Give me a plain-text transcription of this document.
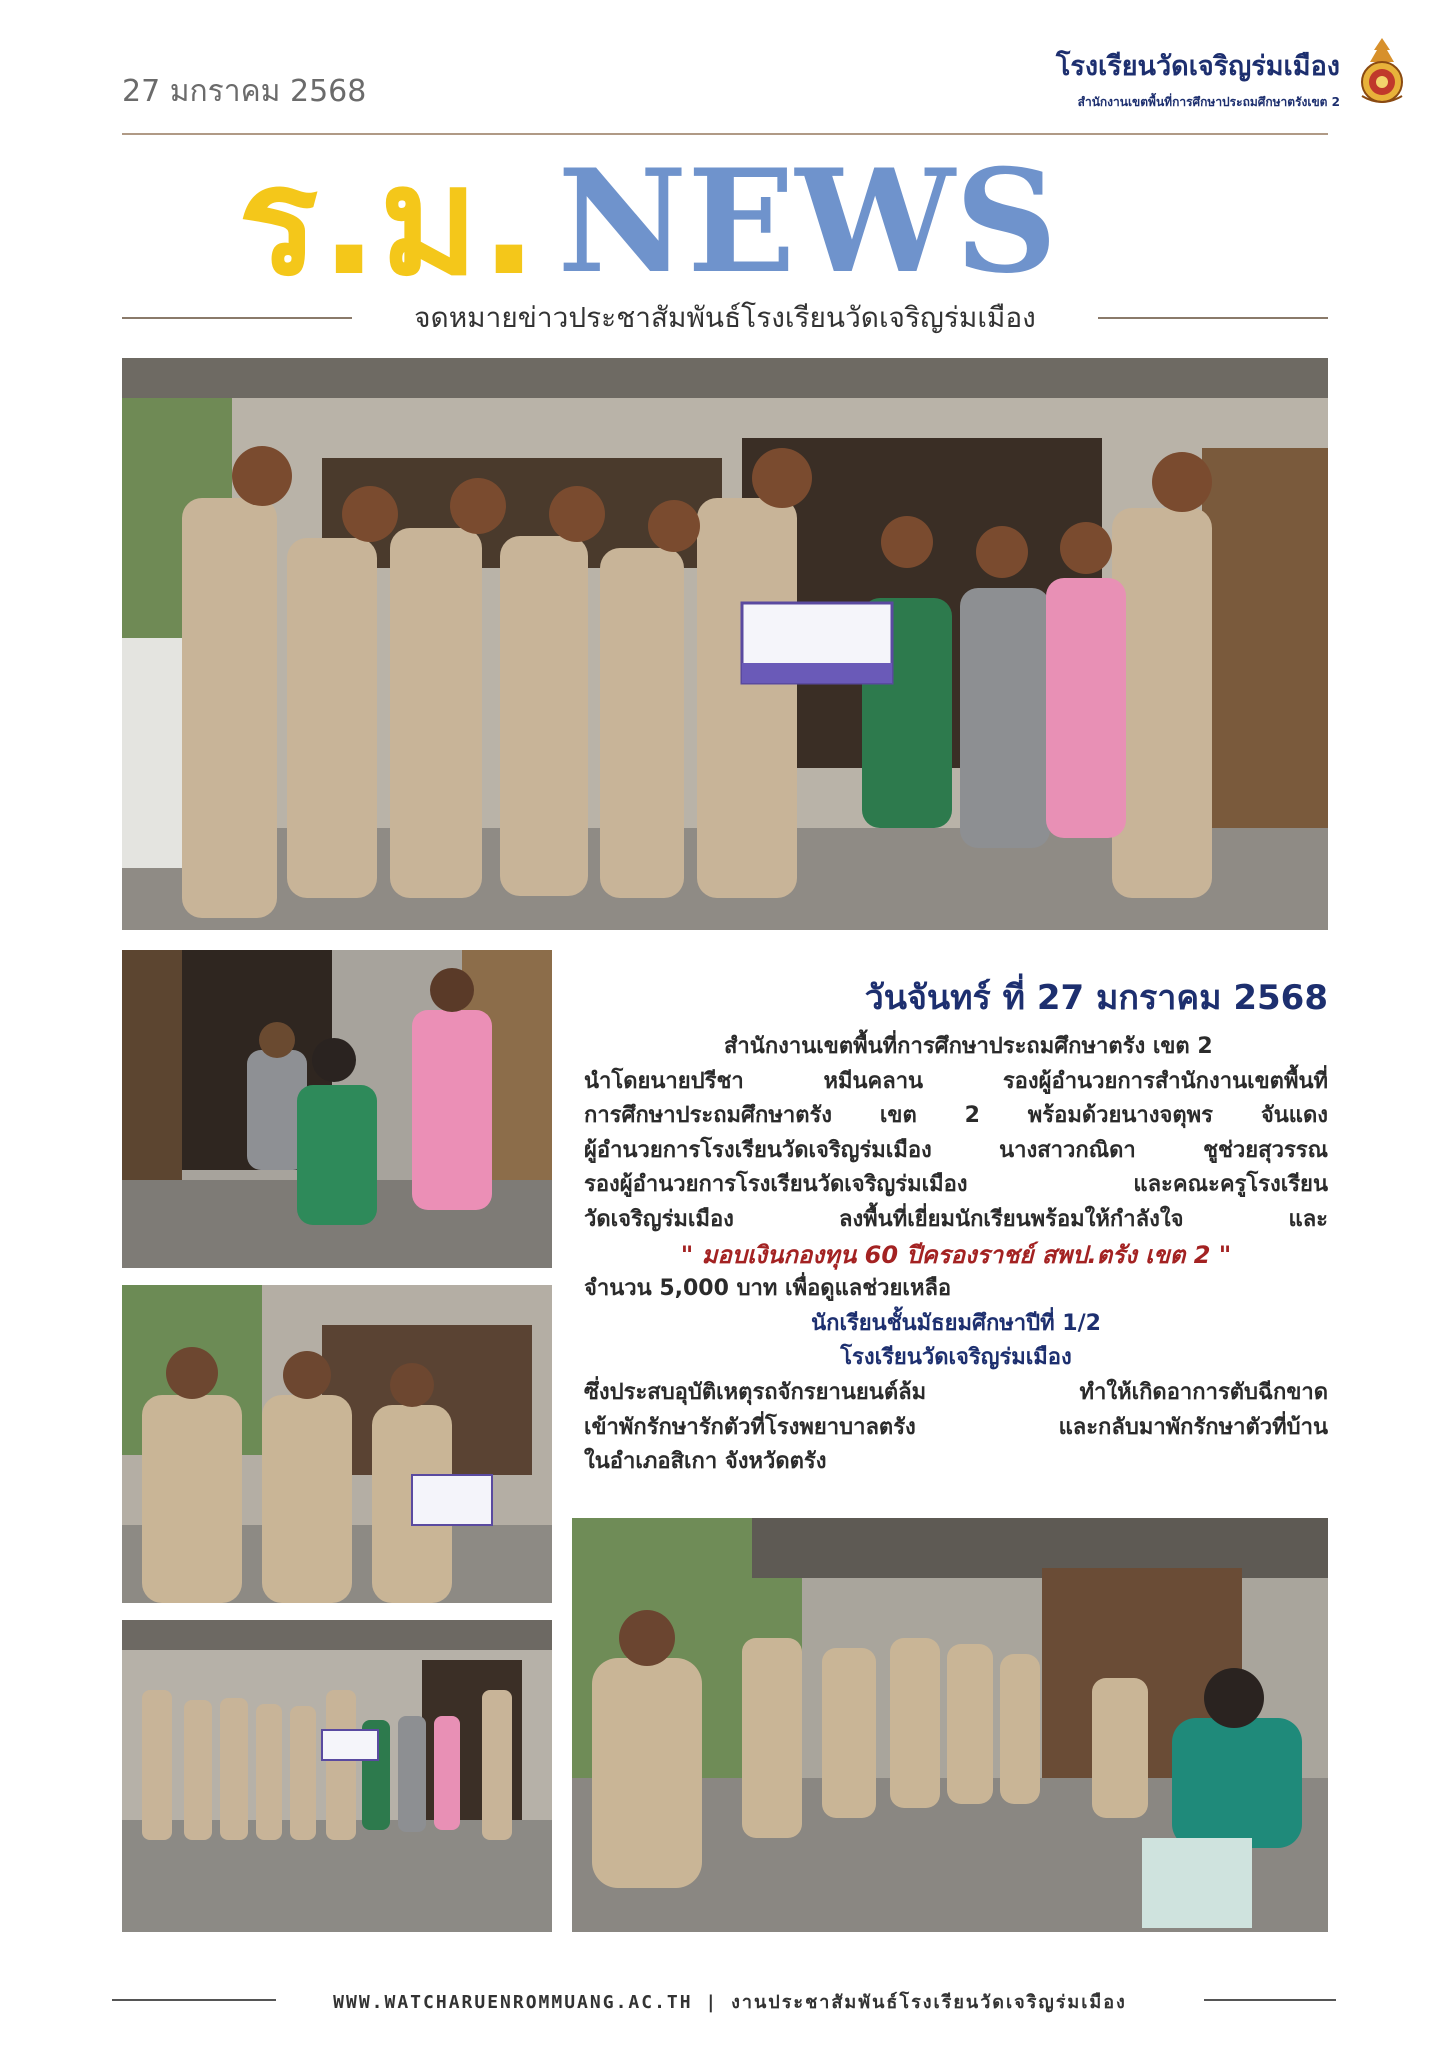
27 มกราคม 2568
โรงเรียนวัดเจริญร่มเมือง
สำนักงานเขตพื้นที่การศึกษาประถมศึกษาตรังเขต 2
ร.ม. NEWS
จดหมายข่าวประชาสัมพันธ์โรงเรียนวัดเจริญร่มเมือง
วันจันทร์ ที่ 27 มกราคม 2568

สำนักงานเขตพื้นที่การศึกษาประถมศึกษาตรัง เขต 2

นำโดยนายปรีชา หมีนคลาน รองผู้อำนวยการสำนักงานเขตพื้นที่

การศึกษาประถมศึกษาตรัง เขต 2 พร้อมด้วยนางจตุพร จันแดง

ผู้อำนวยการโรงเรียนวัดเจริญร่มเมือง นางสาวกณิดา ชูช่วยสุวรรณ

รองผู้อำนวยการโรงเรียนวัดเจริญร่มเมือง และคณะครูโรงเรียน

วัดเจริญร่มเมือง ลงพื้นที่เยี่ยมนักเรียนพร้อมให้กำลังใจ และ

" มอบเงินกองทุน 60 ปีครองราชย์ สพป.ตรัง เขต 2 "

จำนวน 5,000 บาท เพื่อดูแลช่วยเหลือ

นักเรียนชั้นมัธยมศึกษาปีที่ 1/2

โรงเรียนวัดเจริญร่มเมือง

ซึ่งประสบอุบัติเหตุรถจักรยานยนต์ล้ม ทำให้เกิดอาการตับฉีกขาด

เข้าพักรักษารักตัวที่โรงพยาบาลตรัง และกลับมาพักรักษาตัวที่บ้าน

ในอำเภอสิเกา จังหวัดตรัง

WWW.WATCHARUENROMMUANG.AC.TH | งานประชาสัมพันธ์โรงเรียนวัดเจริญร่มเมือง
